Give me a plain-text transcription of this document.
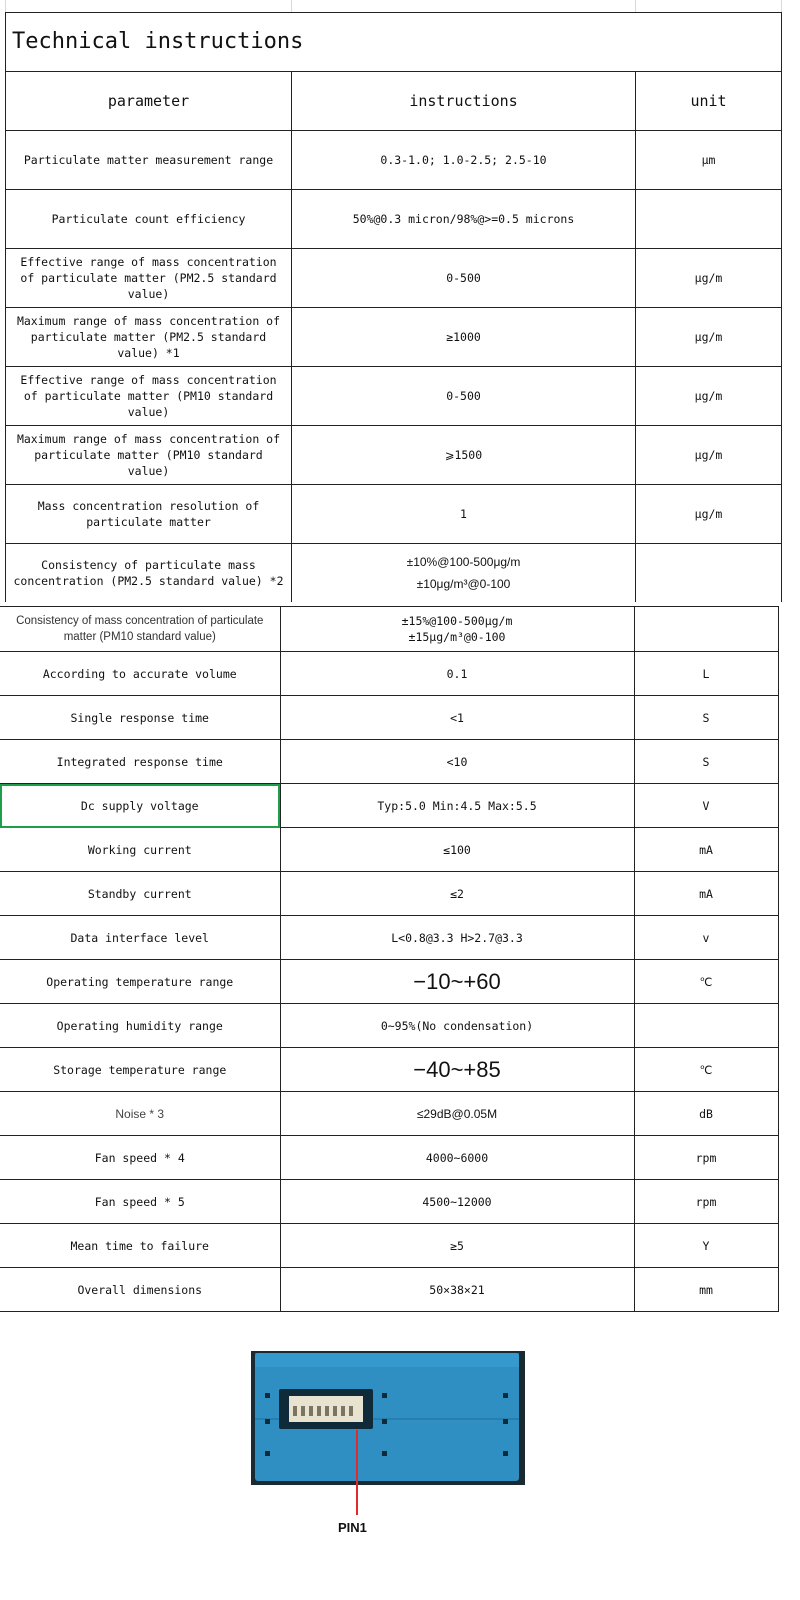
Technical instructions		
parameter	instructions	unit
Particulate matter measurement range	0.3-1.0; 1.0-2.5; 2.5-10	μm
Particulate count efficiency	50%@0.3 micron/98%@>=0.5 microns	
Effective range of mass concentration of particulate matter (PM2.5 standard value)	0-500	μg/m
Maximum range of mass concentration of particulate matter (PM2.5 standard value) *1	≥1000	μg/m
Effective range of mass concentration of particulate matter (PM10 standard value)	0-500	μg/m
Maximum range of mass concentration of particulate matter (PM10 standard value)	⩾1500	μg/m
Mass concentration resolution of particulate matter	1	μg/m
Consistency of particulate mass concentration (PM2.5 standard value) *2	±10%@100-500μg/m
±10μg/m³@0-100	

Consistency of mass concentration of particulate matter (PM10 standard value)	±15%@100-500μg/m
±15μg/m³@0-100	

According to accurate volume	0.1	L
Single response time	<1	S
Integrated response time	<10	S
Dc supply voltage	Typ:5.0 Min:4.5 Max:5.5	V
Working current	≤100	mA
Standby current	≤2	mA
Data interface level	L<0.8@3.3 H>2.7@3.3	v
Operating temperature range	−10~+60	℃
Operating humidity range	0~95%(No condensation)	
Storage temperature range	−40~+85	℃
Noise * 3	≤29dB@0.05M	dB
Fan speed * 4	4000~6000	rpm
Fan speed * 5	4500~12000	rpm
Mean time to failure	≥5	Y
Overall dimensions	50×38×21	mm
PIN1
